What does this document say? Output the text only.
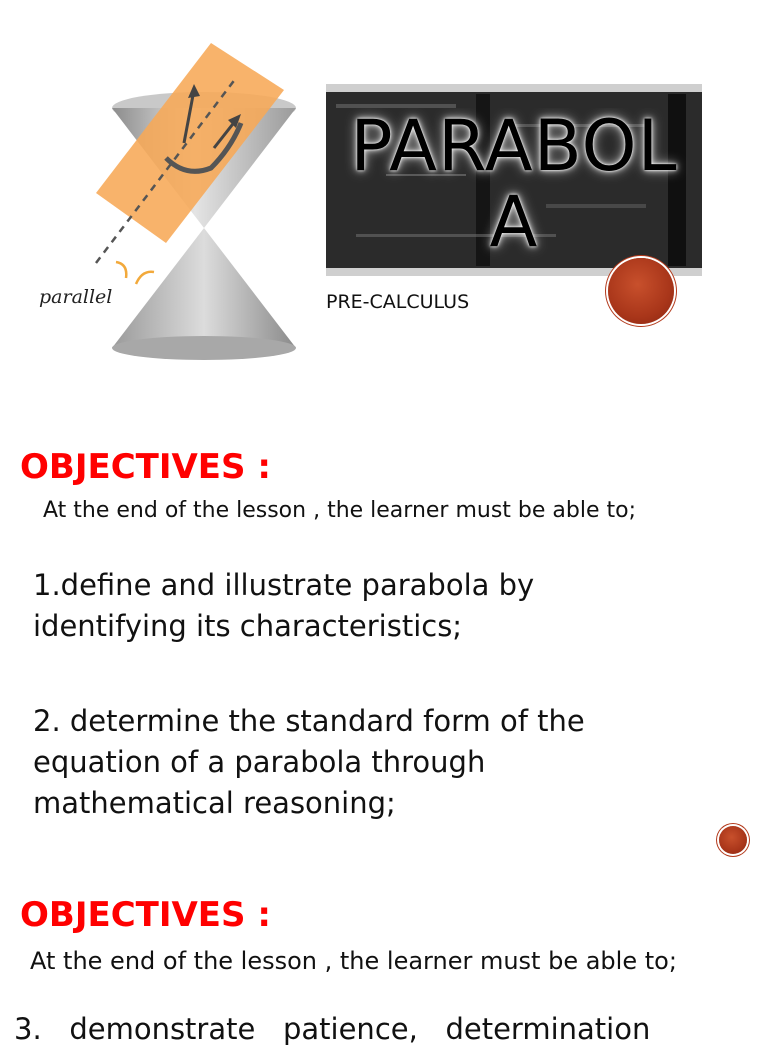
parallel
PARABOL
A
PRE-CALCULUS
OBJECTIVES :
At the end of the lesson , the learner must be able to;
1.define and illustrate parabola by identifying its characteristics;
2. determine the standard form of the equation of a parabola through mathematical reasoning;
OBJECTIVES :
At the end of the lesson , the learner must be able to;
3.   demonstrate   patience,   determination
